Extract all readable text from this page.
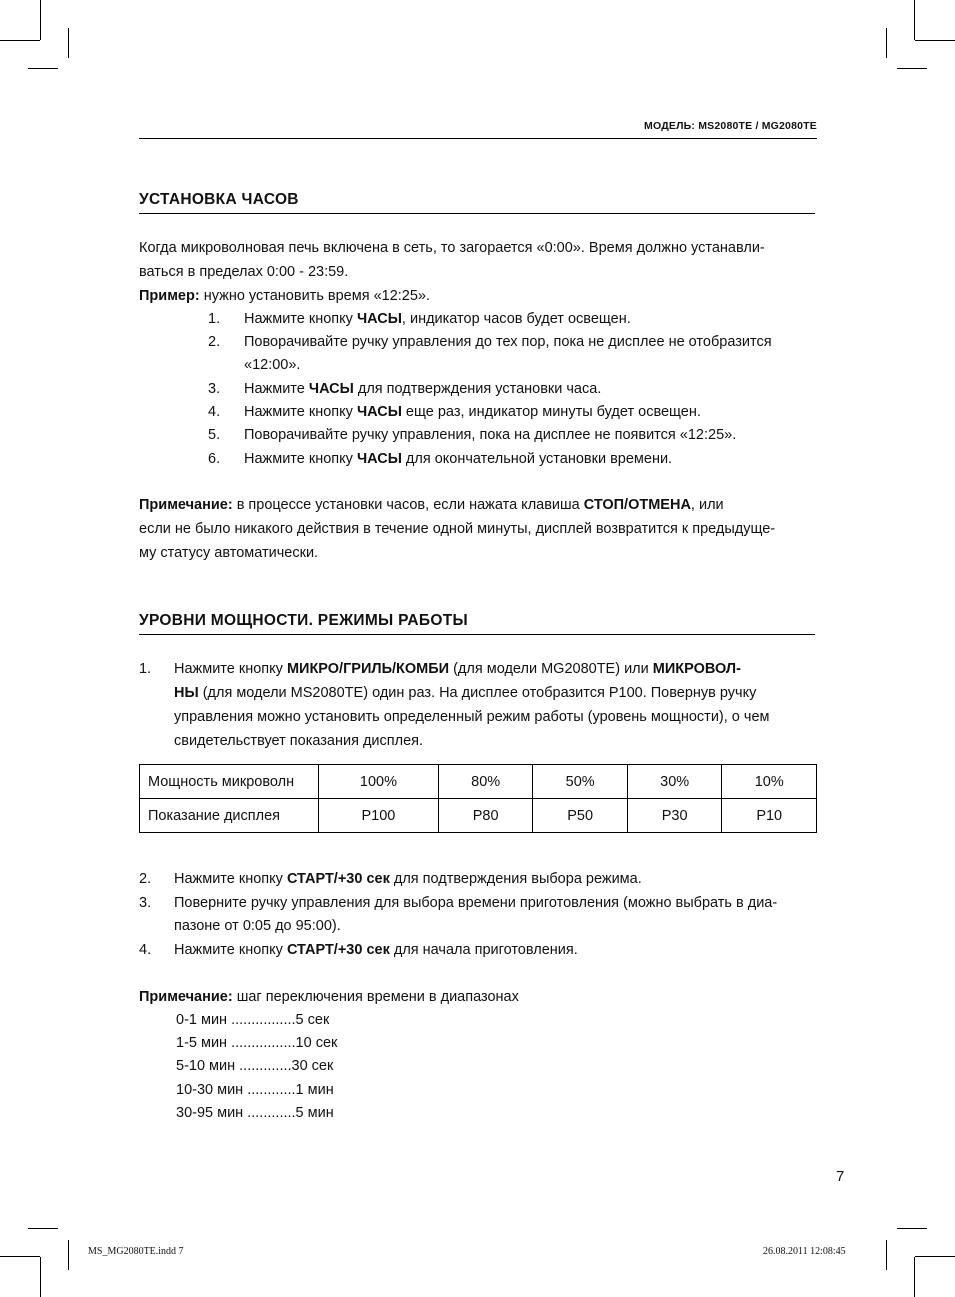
МОДЕЛЬ: MS2080TE / MG2080TE
УСТАНОВКА ЧАСОВ
Когда микроволновая печь включена в сеть, то загорается «0:00». Время должно устанавли-
ваться в пределах 0:00 - 23:59.
Пример: нужно установить время «12:25».
1. Нажмите кнопку ЧАСЫ, индикатор часов будет освещен.
2. Поворачивайте ручку управления до тех пор, пока не дисплее не отобразится
«12:00».
3. Нажмите ЧАСЫ для подтверждения установки часа.
4. Нажмите кнопку ЧАСЫ еще раз, индикатор минуты будет освещен.
5. Поворачивайте ручку управления, пока на дисплее не появится «12:25».
6. Нажмите кнопку ЧАСЫ для окончательной установки времени.
Примечание: в процессе установки часов, если нажата клавиша СТОП/ОТМЕНА, или
если не было никакого действия в течение одной минуты, дисплей возвратится к предыдуще-
му статусу автоматически.
УРОВНИ МОЩНОСТИ. РЕЖИМЫ РАБОТЫ
1. Нажмите кнопку МИКРО/ГРИЛЬ/КОМБИ (для модели MG2080TE) или МИКРОВОЛ-
НЫ (для модели MS2080TE) один раз. На дисплее отобразится P100. Повернув ручку
управления можно установить определенный режим работы (уровень мощности), о чем
свидетельствует показания дисплея.
Мощность микроволн	100%	80%	50%	30%	10%
Показание дисплея	P100	P80	P50	P30	P10
2. Нажмите кнопку СТАРТ/+30 сек для подтверждения выбора режима.
3. Поверните ручку управления для выбора времени приготовления (можно выбрать в диа-
пазоне от 0:05 до 95:00).
4. Нажмите кнопку СТАРТ/+30 сек для начала приготовления.
Примечание: шаг переключения времени в диапазонах
0-1 мин ................5 сек
1-5 мин ................10 сек
5-10 мин .............30 сек
10-30 мин ............1 мин
30-95 мин ............5 мин
7
MS_MG2080TE.indd 7	26.08.2011 12:08:45
